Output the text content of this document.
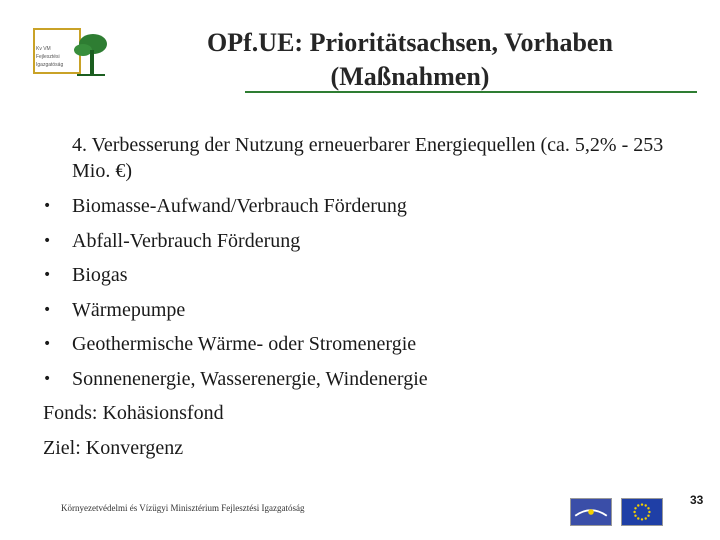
Kv VM
Fejlesztési
Igazgatóság
OPf.UE: Prioritätsachsen, Vorhaben
(Maßnahmen)
4. Verbesserung der Nutzung erneuerbarer Energiequellen (ca. 5,2% - 253 Mio. €)
•	Biomasse-Aufwand/Verbrauch Förderung
•	Abfall-Verbrauch Förderung
•	Biogas
•	Wärmepumpe
•	Geothermische Wärme- oder Stromenergie
•	Sonnenenergie, Wasserenergie, Windenergie
Fonds: Kohäsionsfond
Ziel: Konvergenz
Környezetvédelmi és Vízügyi Minisztérium Fejlesztési Igazgatóság
33
